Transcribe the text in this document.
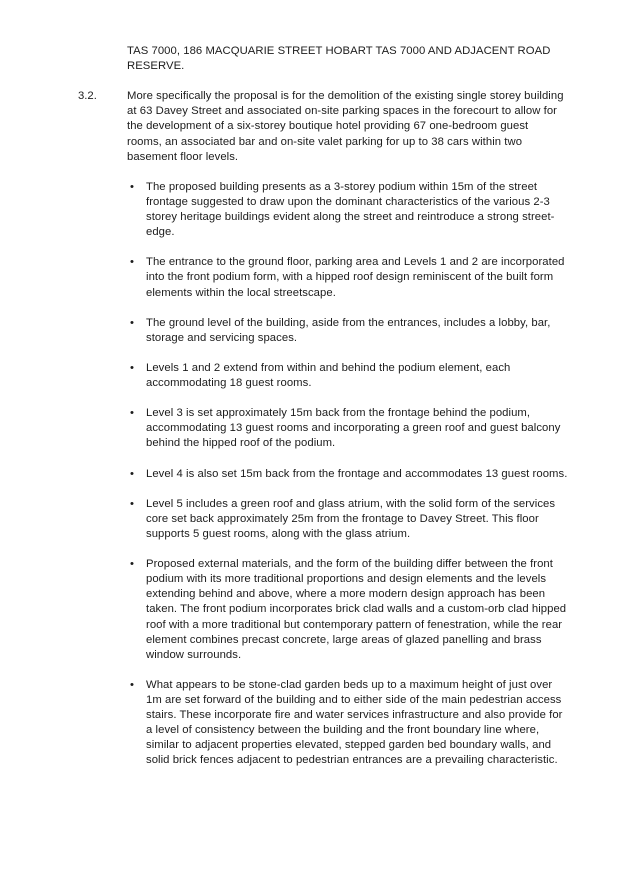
TAS 7000, 186 MACQUARIE STREET HOBART TAS 7000 AND ADJACENT ROAD RESERVE.
3.2.	More specifically the proposal is for the demolition of the existing single storey building at 63 Davey Street and associated on-site parking spaces in the forecourt to allow for the development of a six-storey boutique hotel providing 67 one-bedroom guest rooms, an associated bar and on-site valet parking for up to 38 cars within two basement floor levels.
•	The proposed building presents as a 3-storey podium within 15m of the street frontage suggested to draw upon the dominant characteristics of the various 2-3 storey heritage buildings evident along the street and reintroduce a strong street-edge.
•	The entrance to the ground floor, parking area and Levels 1 and 2 are incorporated into the front podium form, with a hipped roof design reminiscent of the built form elements within the local streetscape.
•	The ground level of the building, aside from the entrances, includes a lobby, bar, storage and servicing spaces.
•	Levels 1 and 2 extend from within and behind the podium element, each accommodating 18 guest rooms.
•	Level 3 is set approximately 15m back from the frontage behind the podium, accommodating 13 guest rooms and incorporating a green roof and guest balcony behind the hipped roof of the podium.
•	Level 4 is also set 15m back from the frontage and accommodates 13 guest rooms.
•	Level 5 includes a green roof and glass atrium, with the solid form of the services core set back approximately 25m from the frontage to Davey Street. This floor supports 5 guest rooms, along with the glass atrium.
•	Proposed external materials, and the form of the building differ between the front podium with its more traditional proportions and design elements and the levels extending behind and above, where a more modern design approach has been taken. The front podium incorporates brick clad walls and a custom-orb clad hipped roof with a more traditional but contemporary pattern of fenestration, while the rear element combines precast concrete, large areas of glazed panelling and brass window surrounds.
•	What appears to be stone-clad garden beds up to a maximum height of just over 1m are set forward of the building and to either side of the main pedestrian access stairs. These incorporate fire and water services infrastructure and also provide for a level of consistency between the building and the front boundary line where, similar to adjacent properties elevated, stepped garden bed boundary walls, and solid brick fences adjacent to pedestrian entrances are a prevailing characteristic.
